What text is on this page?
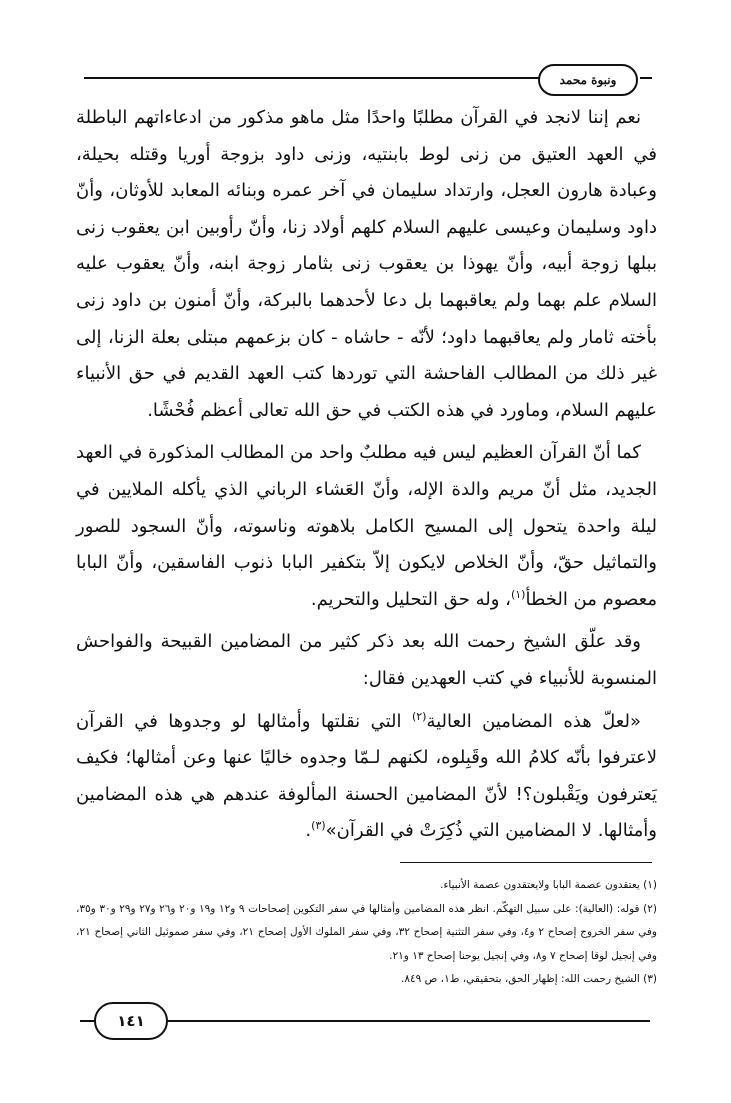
ونبوة محمد

نعم إننا لانجد في القرآن مطلبًا واحدًا مثل ماهو مذكور من ادعاءاتهم الباطلة في العهد العتيق من زنى لوط بابنتيه، وزنى داود بزوجة أوريا وقتله بحيلة، وعبادة هارون العجل، وارتداد سليمان في آخر عمره وبنائه المعابد للأوثان، وأنّ داود وسليمان وعيسى عليهم السلام كلهم أولاد زنا، وأنّ رأوبين ابن يعقوب زنى ببلها زوجة أبيه، وأنّ يهوذا بن يعقوب زنى بثامار زوجة ابنه، وأنّ يعقوب عليه السلام علم بهما ولم يعاقبهما بل دعا لأحدهما بالبركة، وأنّ أمنون بن داود زنى بأخته ثامار ولم يعاقبهما داود؛ لأنّه - حاشاه - كان بزعمهم مبتلى بعلة الزنا، إلى غير ذلك من المطالب الفاحشة التي توردها كتب العهد القديم في حق الأنبياء عليهم السلام، وماورد في هذه الكتب في حق الله تعالى أعظم فُحْشًا.

كما أنّ القرآن العظيم ليس فيه مطلبٌ واحد من المطالب المذكورة في العهد الجديد، مثل أنّ مريم والدة الإله، وأنّ العَشاء الرباني الذي يأكله الملايين في ليلة واحدة يتحول إلى المسيح الكامل بلاهوته وناسوته، وأنّ السجود للصور والتماثيل حقّ، وأنّ الخلاص لايكون إلاّ بتكفير البابا ذنوب الفاسقين، وأنّ البابا معصوم من الخطأ$^{(١)}$، وله حق التحليل والتحريم.

وقد علّق الشيخ رحمت الله بعد ذكر كثير من المضامين القبيحة والفواحش المنسوبة للأنبياء في كتب العهدين فقال:

«لعلّ هذه المضامين العالية$^{(٢)}$ التي نقلتها وأمثالها لو وجدوها في القرآن لاعترفوا بأنّه كلامُ الله وقَبِلوه، لكنهم لـمّا وجدوه خاليًا عنها وعن أمثالها؛ فكيف يَعترفون ويَقْبلون؟! لأنّ المضامين الحسنة المألوفة عندهم هي هذه المضامين وأمثالها. لا المضامين التي ذُكِرَتْ في القرآن»$^{(٣)}$.

(١) يعتقدون عصمة البابا ولايعتقدون عصمة الأنبياء.

(٢) قوله: (العالية): على سبيل التهكّم. انظر هذه المضامين وأمثالها في سفر التكوين إصحاحات ٩ و١٢ و١٩ و٢٠ و٢٦ و٢٧ و٢٩ و٣٠ و٣٥، وفي سفر الخروج إصحاح ٢ و٤، وفي سفر التثنية إصحاح ٣٢، وفي سفر الملوك الأول إصحاح ٢١، وفي سفر صموئيل الثاني إصحاح ٢١، وفي إنجيل لوقا إصحاح ٧ و٨، وفي إنجيل يوحنا إصحاح ١٣ و٢١.

(٣) الشيخ رحمت الله: إظهار الحق، بتحقيقي، ط١، ص ٨٤٩.

١٤١
